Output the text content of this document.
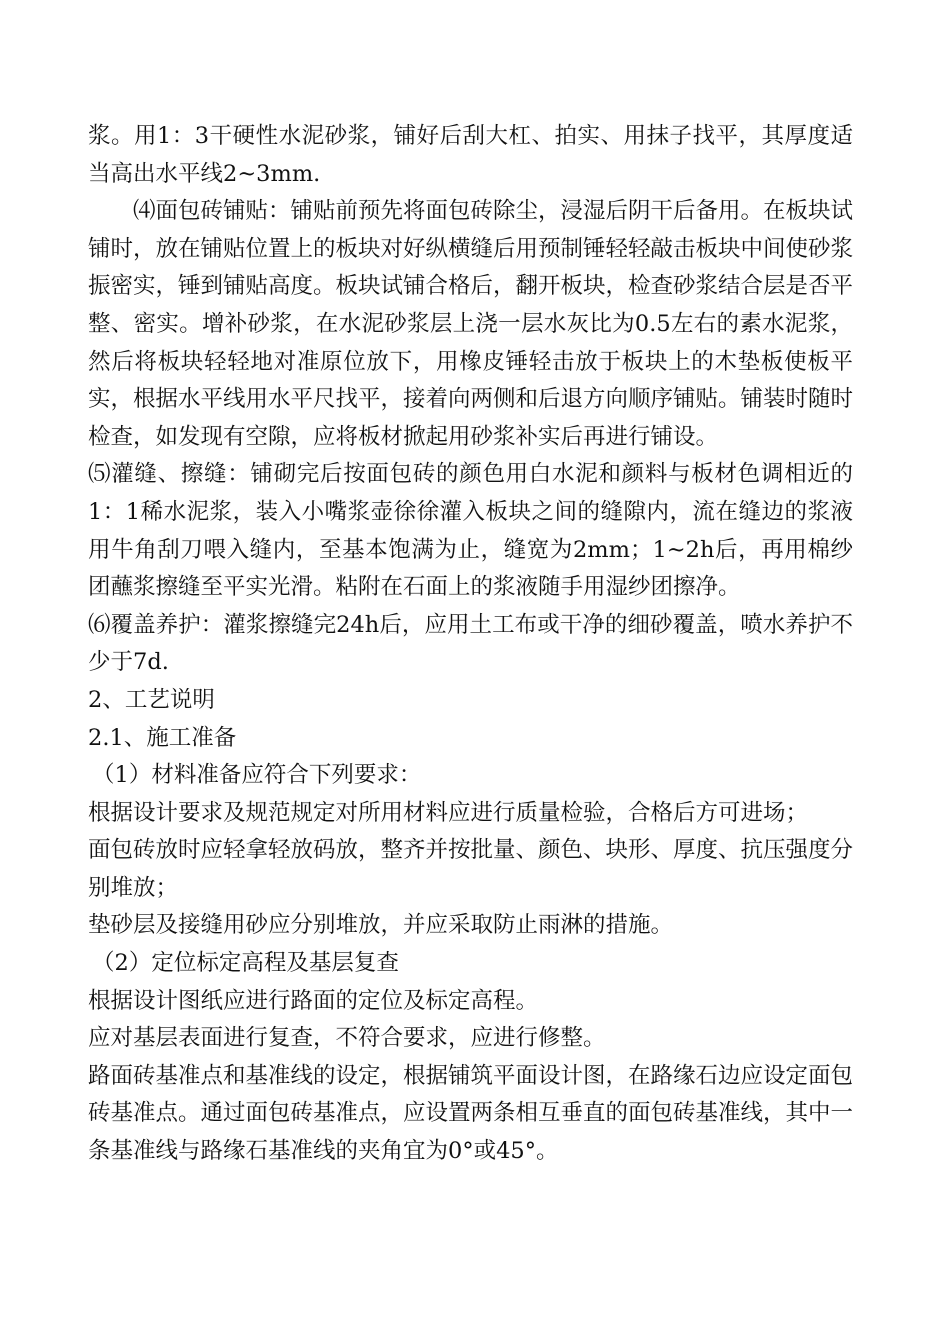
浆。用1：3干硬性水泥砂浆，铺好后刮大杠、拍实、用抹子找平，其厚度适当高出水平线2~3mm.

⑷面包砖铺贴：铺贴前预先将面包砖除尘，浸湿后阴干后备用。在板块试铺时，放在铺贴位置上的板块对好纵横缝后用预制锤轻轻敲击板块中间使砂浆振密实，锤到铺贴高度。板块试铺合格后，翻开板块，检查砂浆结合层是否平整、密实。增补砂浆，在水泥砂浆层上浇一层水灰比为0.5左右的素水泥浆，然后将板块轻轻地对准原位放下，用橡皮锤轻击放于板块上的木垫板使板平实，根据水平线用水平尺找平，接着向两侧和后退方向顺序铺贴。铺装时随时检查，如发现有空隙，应将板材掀起用砂浆补实后再进行铺设。

⑸灌缝、擦缝：铺砌完后按面包砖的颜色用白水泥和颜料与板材色调相近的1：1稀水泥浆，装入小嘴浆壶徐徐灌入板块之间的缝隙内，流在缝边的浆液用牛角刮刀喂入缝内，至基本饱满为止，缝宽为2mm；1~2h后，再用棉纱团蘸浆擦缝至平实光滑。粘附在石面上的浆液随手用湿纱团擦净。

⑹覆盖养护：灌浆擦缝完24h后，应用土工布或干净的细砂覆盖，喷水养护不少于7d.

2、工艺说明

2.1、施工准备

（1）材料准备应符合下列要求：

根据设计要求及规范规定对所用材料应进行质量检验，合格后方可进场；

面包砖放时应轻拿轻放码放，整齐并按批量、颜色、块形、厚度、抗压强度分别堆放；

垫砂层及接缝用砂应分别堆放，并应采取防止雨淋的措施。

（2）定位标定高程及基层复查

根据设计图纸应进行路面的定位及标定高程。

应对基层表面进行复查，不符合要求，应进行修整。

路面砖基准点和基准线的设定，根据铺筑平面设计图，在路缘石边应设定面包砖基准点。通过面包砖基准点，应设置两条相互垂直的面包砖基准线，其中一条基准线与路缘石基准线的夹角宜为0°或45°。
